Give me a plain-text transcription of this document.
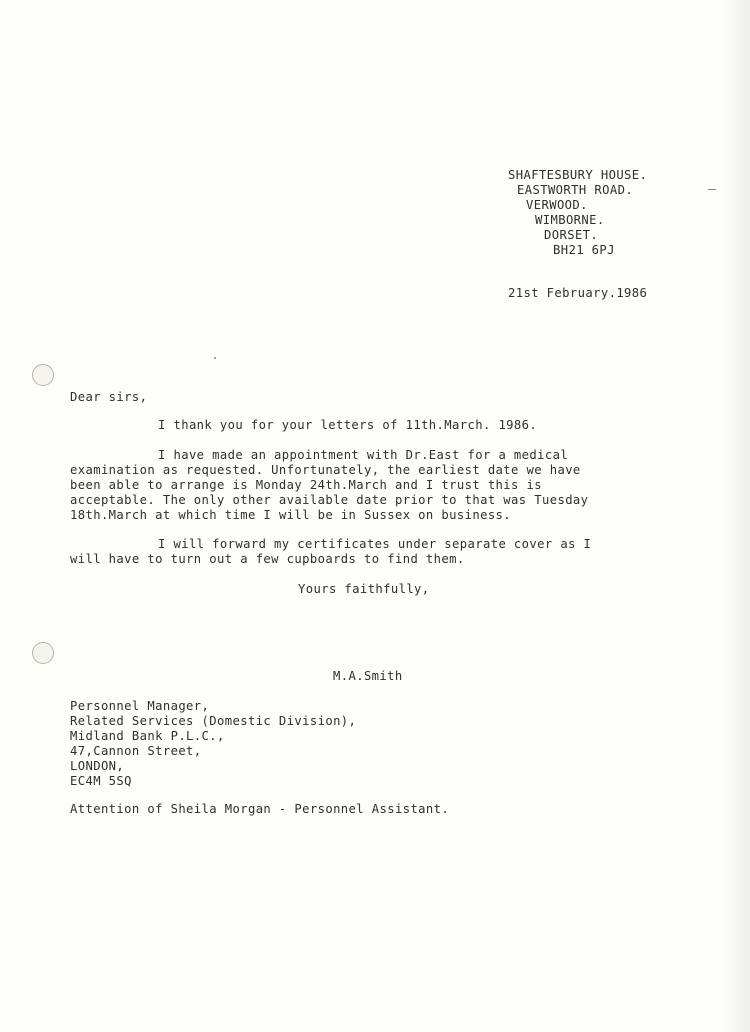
SHAFTESBURY HOUSE.
EASTWORTH ROAD.
VERWOOD.
WIMBORNE.
DORSET.
BH21 6PJ
21st February.1986
Dear sirs,
I thank you for your letters of 11th.March. 1986.
I have made an appointment with Dr.East for a medical
examination as requested. Unfortunately, the earliest date we have
been able to arrange is Monday 24th.March and I trust this is
acceptable. The only other available date prior to that was Tuesday
18th.March at which time I will be in Sussex on business.
I will forward my certificates under separate cover as I
will have to turn out a few cupboards to find them.
Yours faithfully,
M.A.Smith
Personnel Manager,
Related Services (Domestic Division),
Midland Bank P.L.C.,
47,Cannon Street,
LONDON,
EC4M 5SQ
Attention of Sheila Morgan - Personnel Assistant.
